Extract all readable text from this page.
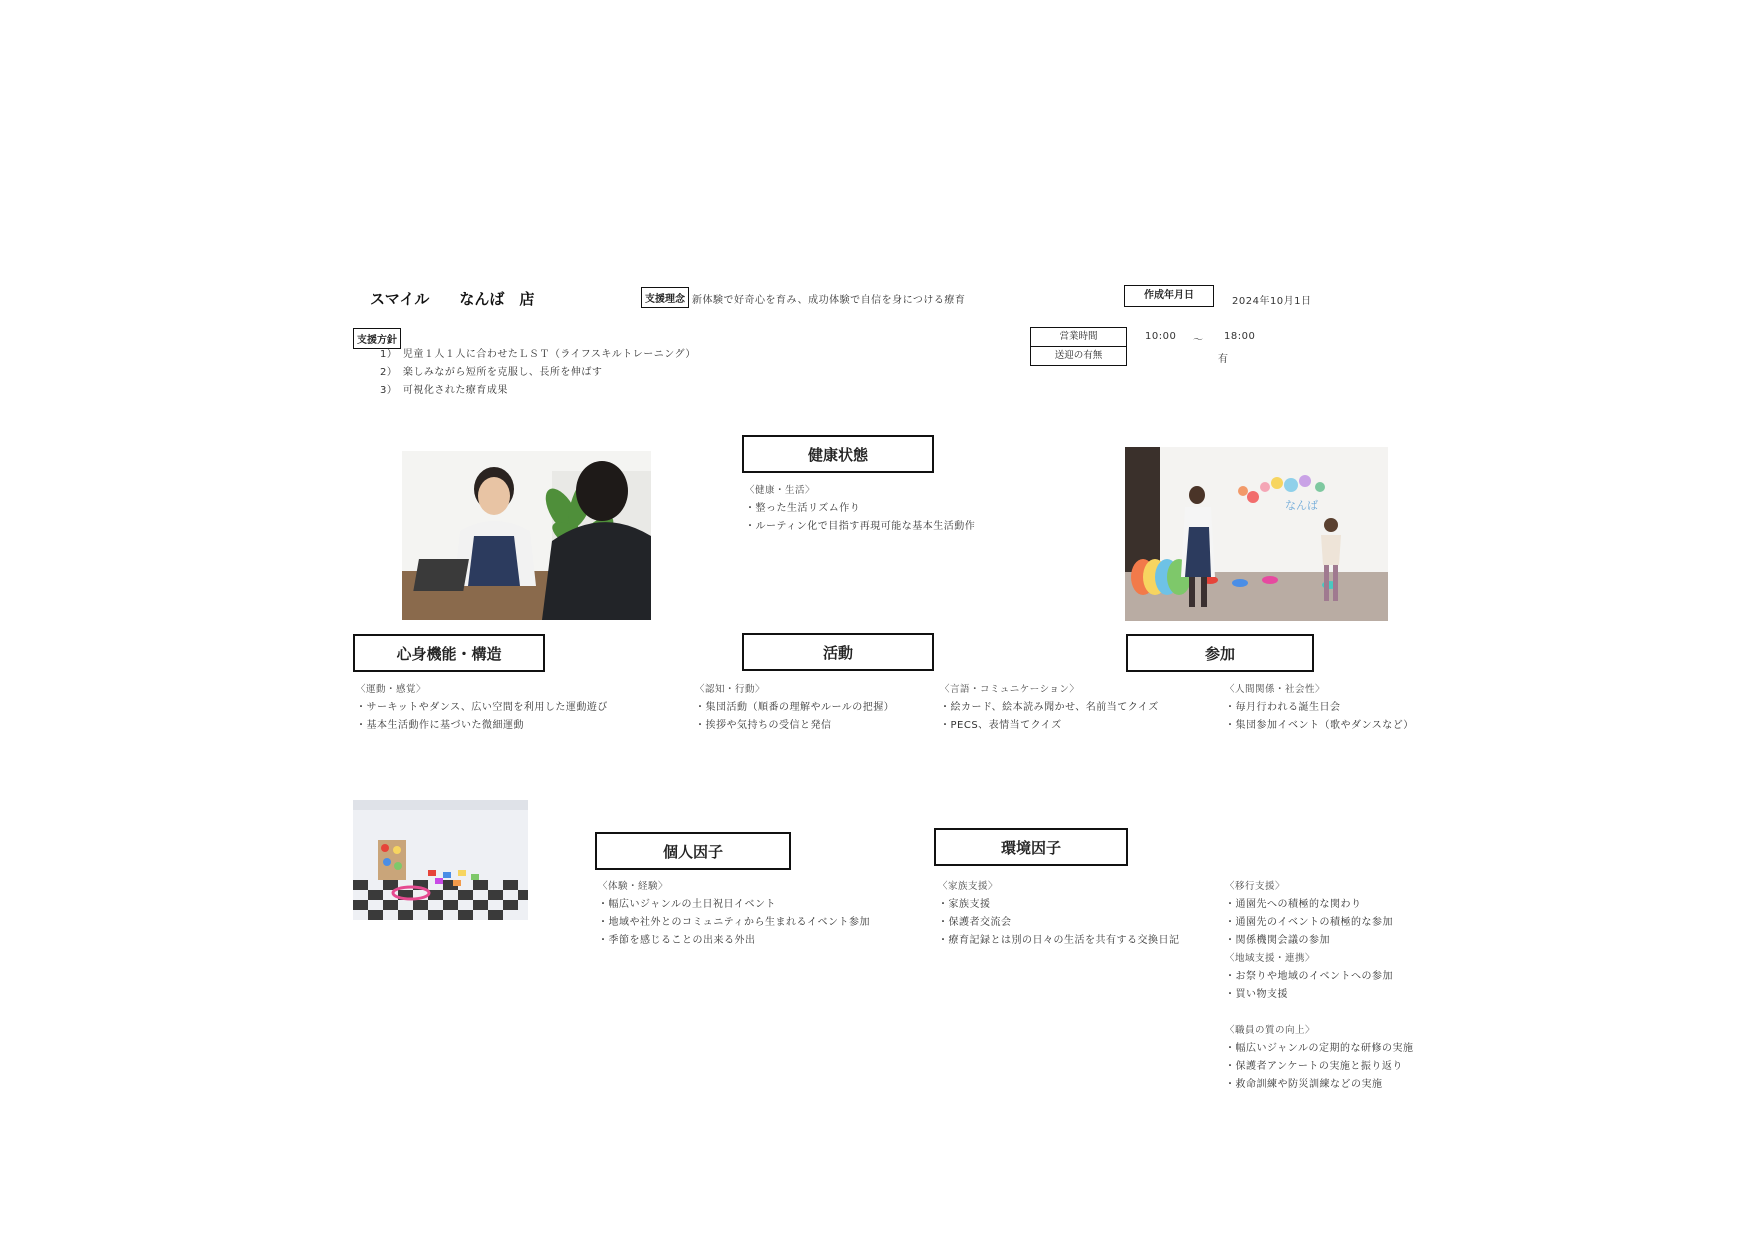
スマイル　　なんば　店	支援理念 新体験で好奇心を育み、成功体験で自信を身につける療育	作成年月日
2024年10月1日
支援方針
1）　児童１人１人に合わせたＬＳＴ（ライフスキルトレーニング）
2）　楽しみながら短所を克服し、長所を伸ばす
3）　可視化された療育成果
営業時間
送迎の有無
10:00 ～ 18:00
有
なんば
健康状態
〈健康・生活〉
・整った生活リズム作り
・ルーティン化で目指す再現可能な基本生活動作
心身機能・構造
〈運動・感覚〉
・サーキットやダンス、広い空間を利用した運動遊び
・基本生活動作に基づいた微細運動
活動
〈認知・行動〉
・集団活動（順番の理解やルールの把握）
・挨拶や気持ちの受信と発信
〈言語・コミュニケーション〉
・絵カード、絵本読み聞かせ、名前当てクイズ
・PECS、表情当てクイズ
参加
〈人間関係・社会性〉
・毎月行われる誕生日会
・集団参加イベント（歌やダンスなど）
個人因子
〈体験・経験〉
・幅広いジャンルの土日祝日イベント
・地域や社外とのコミュニティから生まれるイベント参加
・季節を感じることの出来る外出
環境因子
〈家族支援〉
・家族支援
・保護者交流会
・療育記録とは別の日々の生活を共有する交換日記
〈移行支援〉
・通園先への積極的な関わり
・通園先のイベントの積極的な参加
・関係機関会議の参加
〈地域支援・連携〉
・お祭りや地域のイベントへの参加
・買い物支援
〈職員の質の向上〉
・幅広いジャンルの定期的な研修の実施
・保護者アンケートの実施と振り返り
・救命訓練や防災訓練などの実施
